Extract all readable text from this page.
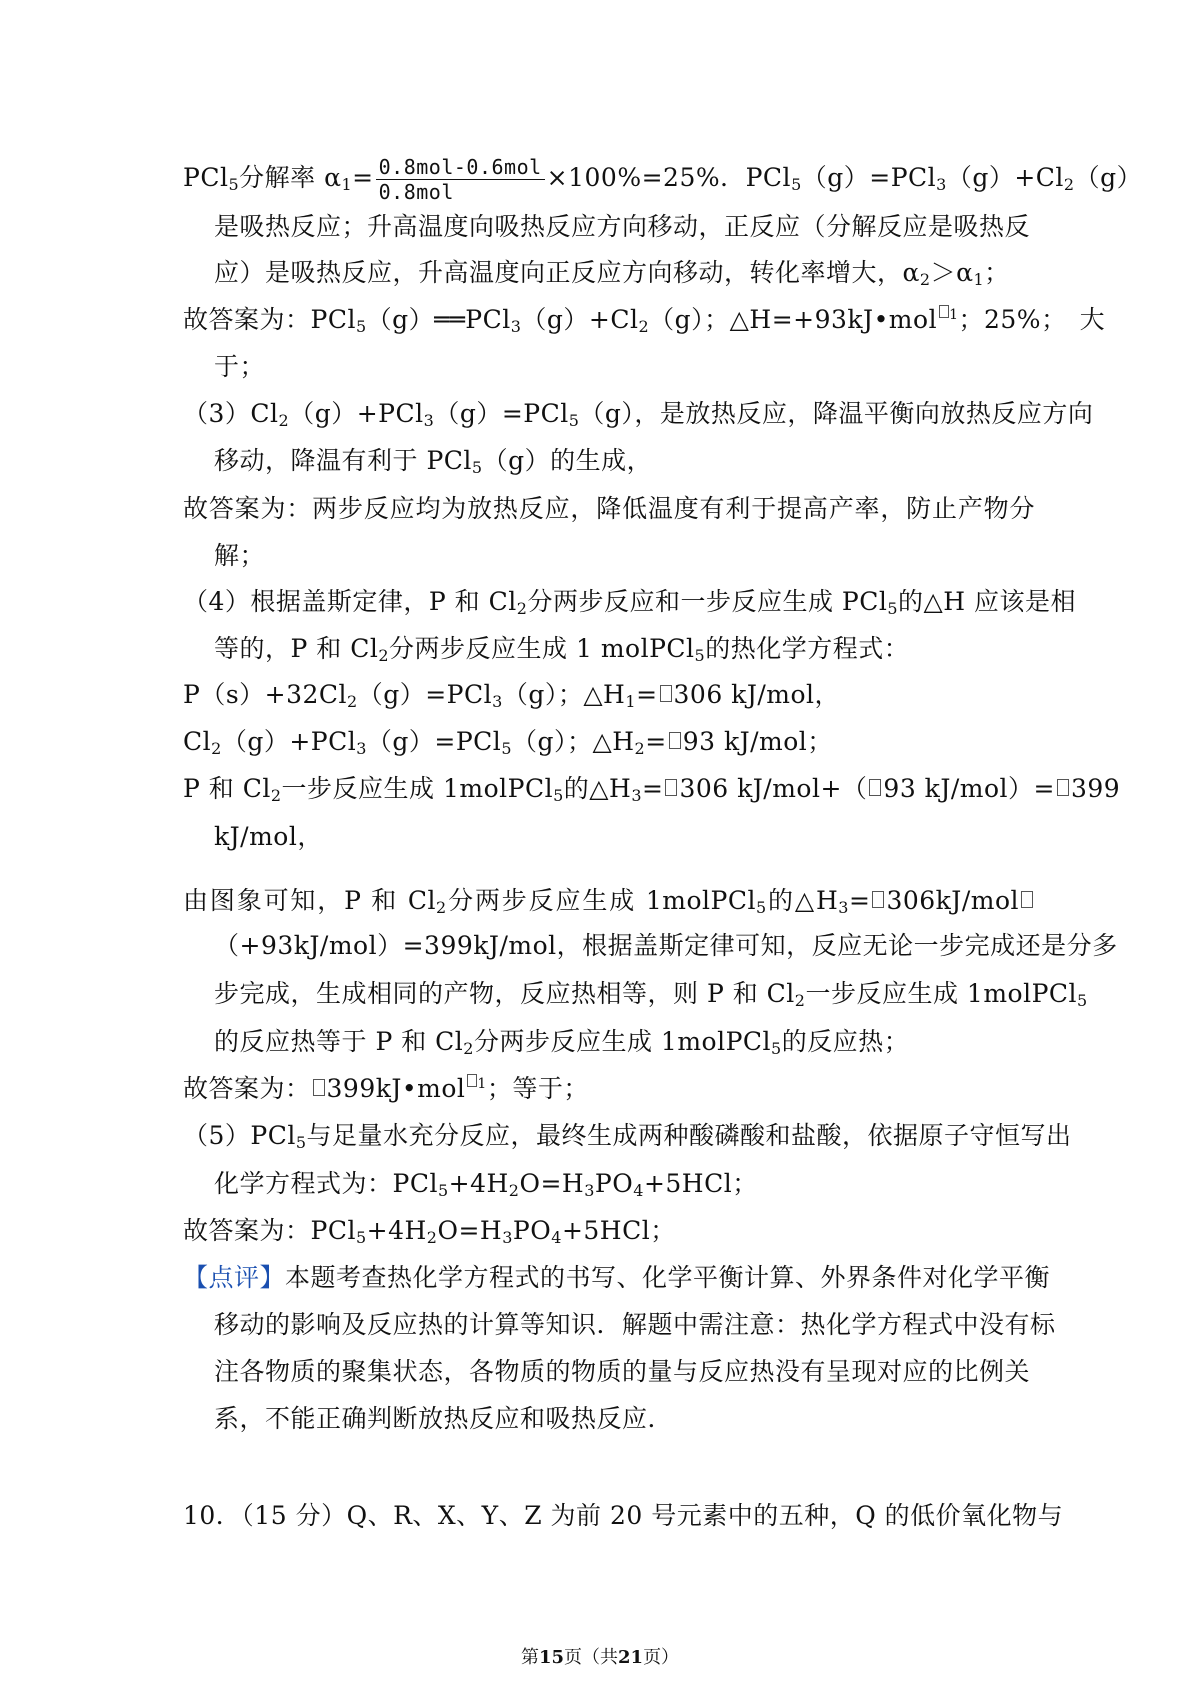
PCl$_5$分解率 $\alpha_1= \frac{\text{0.8mol-0.6mol}}{\text{0.8mol}} \times 100\%=25\%$．$PCl_5(g)=PCl_3(g)+Cl_2(g)$
是吸热反应；升高温度向吸热反应方向移动，正反应（分解反应是吸热反
应）是吸热反应，升高温度向正反应方向移动，转化率增大，$\alpha_2>\alpha_1$；
故答案为：$PCl_5(g)══PCl_3(g)+Cl_2(g)$；△H=+93kJ•mol $^1$；25%；　大
于；
$(3)Cl_2(g)+PCl_3(g)=PCl_5(g)$，是放热反应，降温平衡向放热反应方向
移动，降温有利于 PCl$_5$（g）的生成，
故答案为：两步反应均为放热反应，降低温度有利于提高产率，防止产物分
解；
（4）根据盖斯定律，P 和 $Cl_2$分两步反应和一步反应生成 PCl$_5$的△H 应该是相
等的，P 和 $Cl_2$分两步反应生成 1 molPCl$_5$的热化学方程式：
$P(s)+32Cl_2(g)=PCl_3(g)$；$\triangle H_1= 306$ kJ/mol，
$Cl_2(g)+PCl_3(g)=PCl_5(g)$；$\triangle H_2= 93$ kJ/mol；
P 和 $Cl_2$一步反应生成 1molPCl$_5$的$\triangle H_3= 306$ kJ/mol+（ 93 kJ/mol）= 399
kJ/mol，
由图象可知，P 和 $Cl_2$分两步反应生成 1molPCl$_5$的$\triangle H_3= 306kJ/mol$
（+93kJ/mol）=399kJ/mol，根据盖斯定律可知，反应无论一步完成还是分多
步完成，生成相同的产物，反应热相等，则 P 和 $Cl_2$一步反应生成 1molPCl$_5$
的反应热等于 P 和 $Cl_2$分两步反应生成 1molPCl$_5$的反应热；
故答案为： 399kJ•mol $^1$；等于；
（5）PCl$_5$与足量水充分反应，最终生成两种酸磷酸和盐酸，依据原子守恒写出
化学方程式为：$PCl_5+4H_2O=H_3PO_4+5HCl$；
故答案为：$PCl_5+4H_2O=H_3PO_4+5HCl$；
【点评】本题考查热化学方程式的书写、化学平衡计算、外界条件对化学平衡
移动的影响及反应热的计算等知识．解题中需注意：热化学方程式中没有标
注各物质的聚集状态，各物质的物质的量与反应热没有呈现对应的比例关
系，不能正确判断放热反应和吸热反应．
10．（15 分）Q、R、X、Y、Z 为前 20 号元素中的五种，Q 的低价氧化物与
第15页（共21页）
